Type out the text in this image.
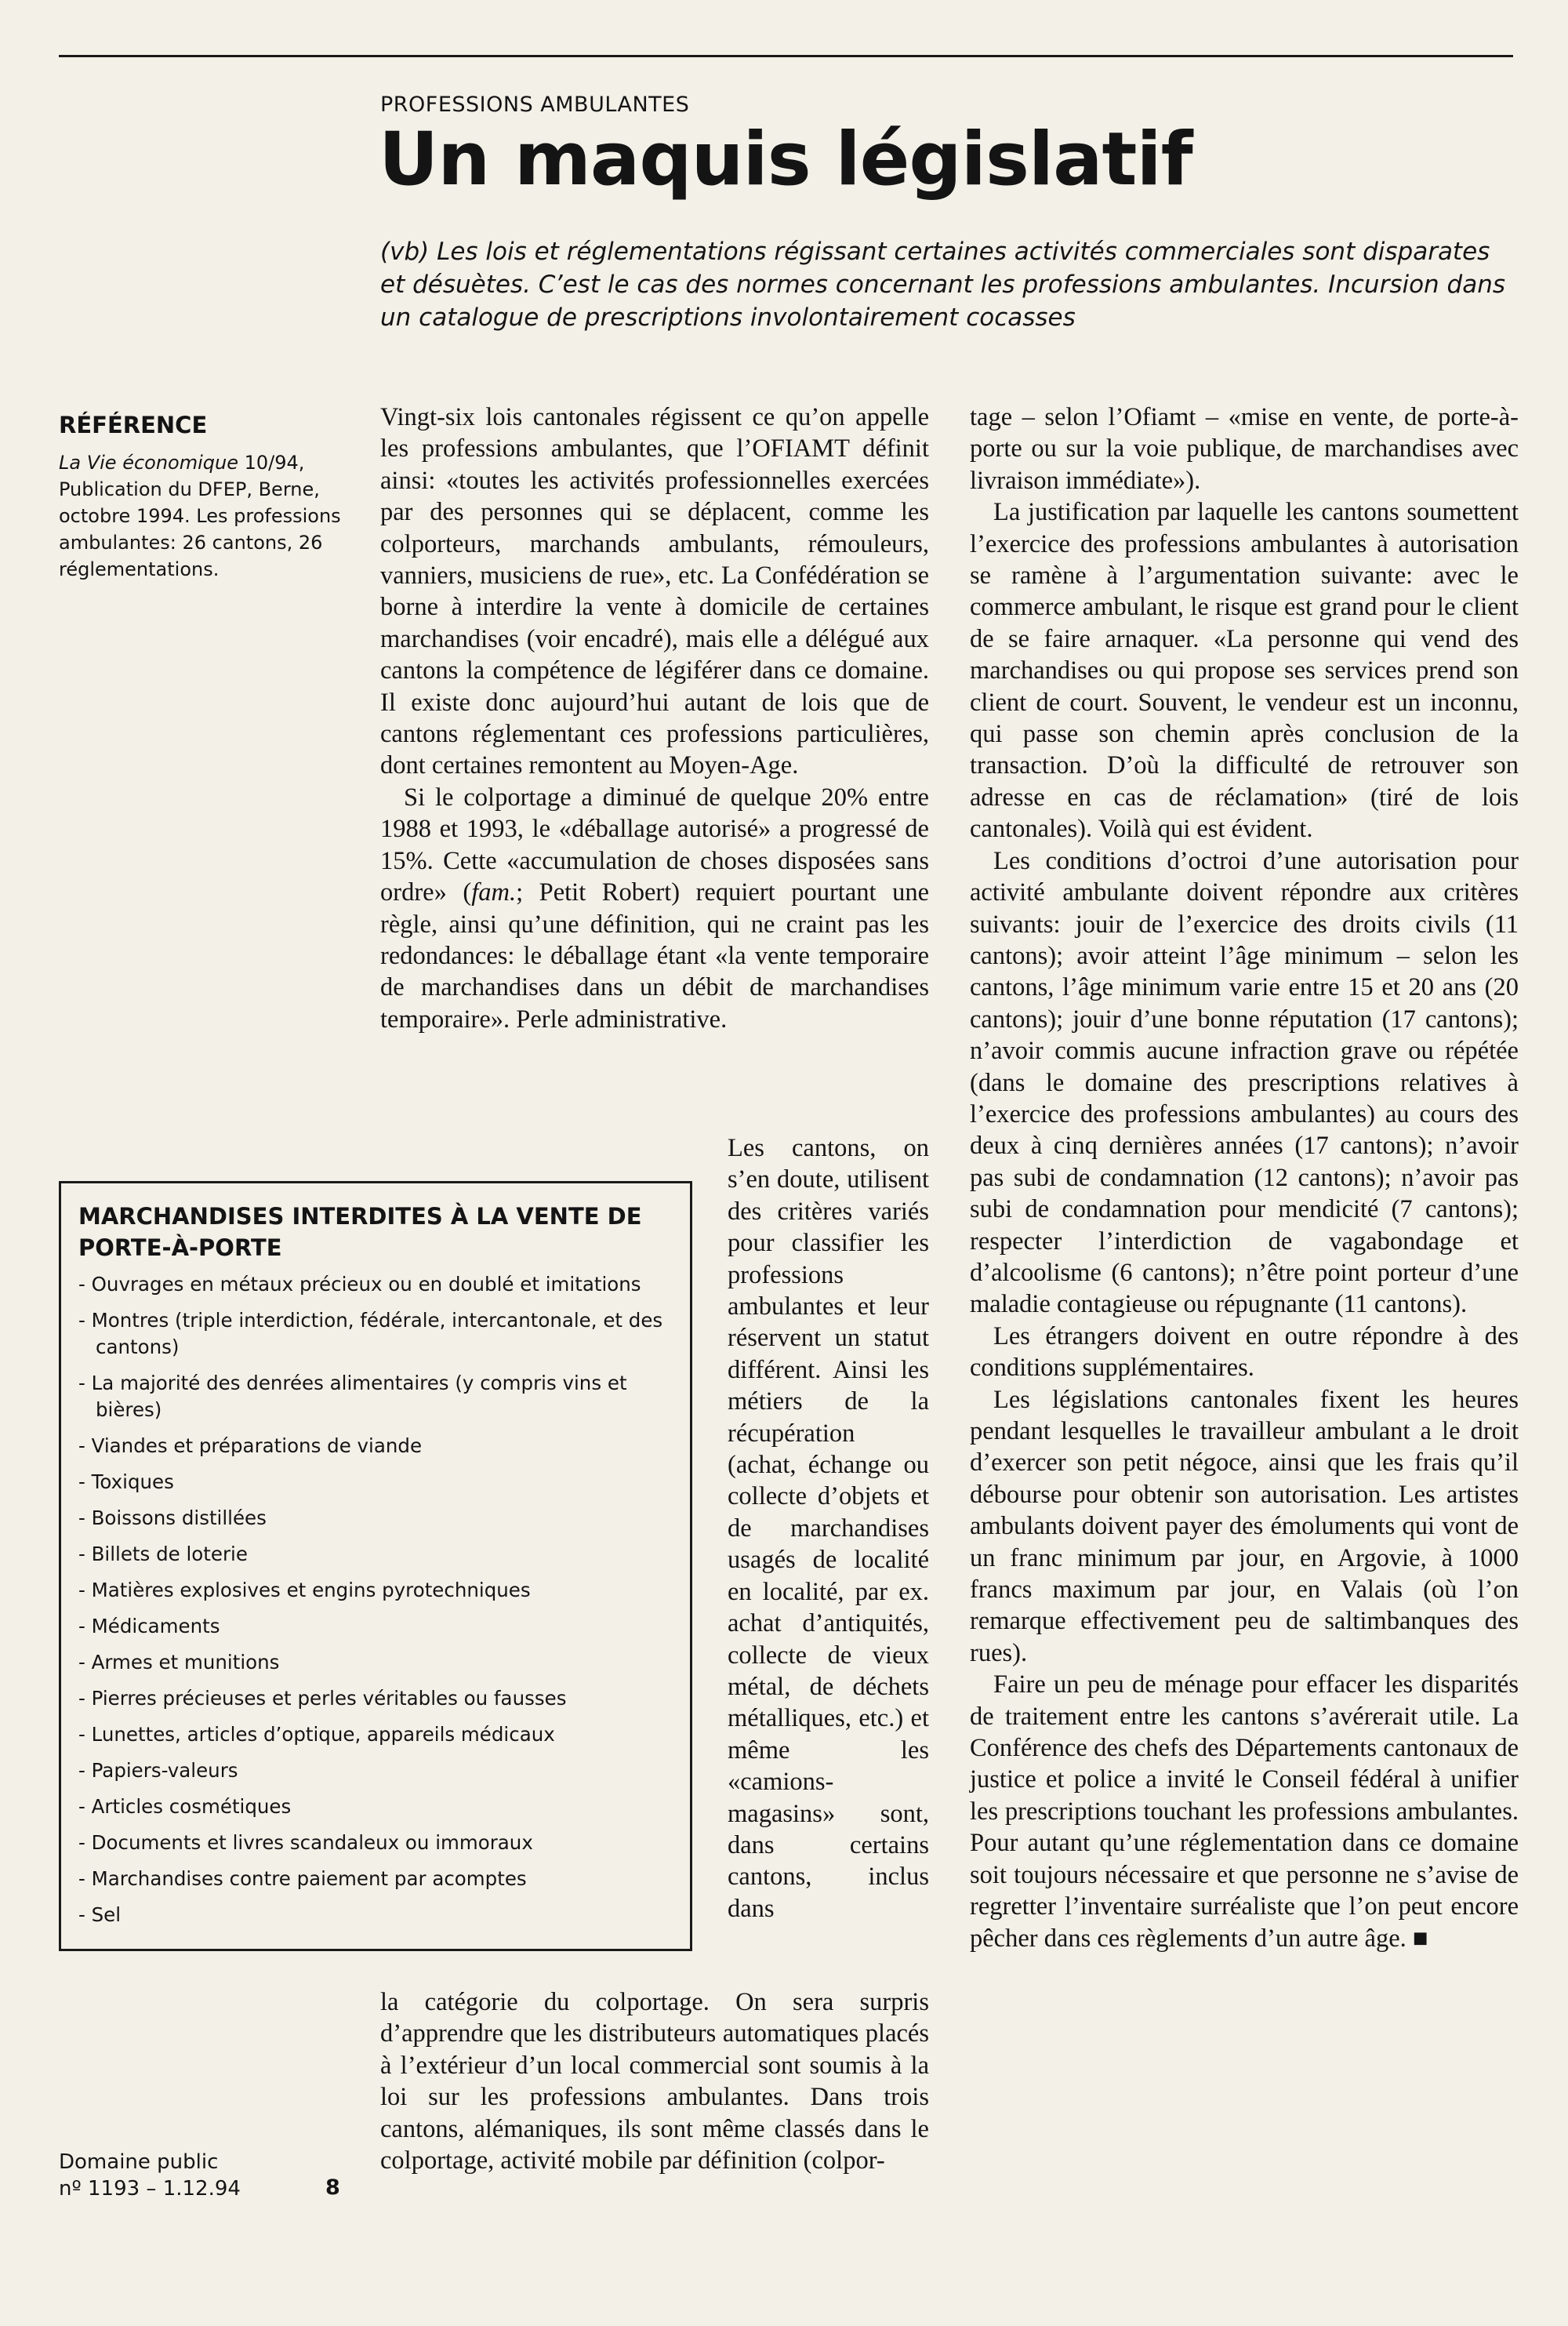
PROFESSIONS AMBULANTES
Un maquis législatif

(vb) Les lois et réglementations régissant certaines activités commerciales sont disparates et désuètes. C’est le cas des normes concernant les professions ambulantes. Incursion dans un catalogue de prescriptions involontairement cocasses

RÉFÉRENCE

La Vie économique 10/94, Publication du DFEP, Berne, octobre 1994. Les professions ambulantes: 26 cantons, 26 réglementations.

Vingt-six lois cantonales régissent ce qu’on appelle les professions ambulantes, que l’OFIAMT définit ainsi: «toutes les activités professionnelles exercées par des personnes qui se déplacent, comme les colporteurs, marchands ambulants, rémouleurs, vanniers, musiciens de rue», etc. La Confédération se borne à interdire la vente à domicile de certaines marchandises (voir encadré), mais elle a délégué aux cantons la compétence de légiférer dans ce domaine. Il existe donc aujourd’hui autant de lois que de cantons réglementant ces professions particulières, dont certaines remontent au Moyen-Age.

Si le colportage a diminué de quelque 20% entre 1988 et 1993, le «déballage autorisé» a progressé de 15%. Cette «accumulation de choses disposées sans ordre» (fam.; Petit Robert) requiert pourtant une règle, ainsi qu’une définition, qui ne craint pas les redondances: le déballage étant «la vente temporaire de marchandises dans un débit de marchandises temporaire». Perle administrative.

Les cantons, on s’en doute, utilisent des critères variés pour classifier les professions ambulantes et leur réservent un statut différent. Ainsi les métiers de la récupération (achat, échange ou collecte d’objets et de marchandises usagés de localité en localité, par ex. achat d’antiquités, collecte de vieux métal, de déchets métalliques, etc.) et même les «camions-magasins» sont, dans certains cantons, inclus dans

la catégorie du colportage. On sera surpris d’apprendre que les distributeurs automatiques placés à l’extérieur d’un local commercial sont soumis à la loi sur les professions ambulantes. Dans trois cantons, alémaniques, ils sont même classés dans le colportage, activité mobile par définition (colpor-

MARCHANDISES INTERDITES À LA VENTE DE PORTE-À-PORTE
- Ouvrages en métaux précieux ou en doublé et imitations
- Montres (triple interdiction, fédérale, intercantonale, et des cantons)
- La majorité des denrées alimentaires (y compris vins et bières)
- Viandes et préparations de viande
- Toxiques
- Boissons distillées
- Billets de loterie
- Matières explosives et engins pyrotechniques
- Médicaments
- Armes et munitions
- Pierres précieuses et perles véritables ou fausses
- Lunettes, articles d’optique, appareils médicaux
- Papiers-valeurs
- Articles cosmétiques
- Documents et livres scandaleux ou immoraux
- Marchandises contre paiement par acomptes
- Sel

tage – selon l’Ofiamt – «mise en vente, de porte-à-porte ou sur la voie publique, de marchandises avec livraison immédiate»).

La justification par laquelle les cantons soumettent l’exercice des professions ambulantes à autorisation se ramène à l’argumentation suivante: avec le commerce ambulant, le risque est grand pour le client de se faire arnaquer. «La personne qui vend des marchandises ou qui propose ses services prend son client de court. Souvent, le vendeur est un inconnu, qui passe son chemin après conclusion de la transaction. D’où la difficulté de retrouver son adresse en cas de réclamation» (tiré de lois cantonales). Voilà qui est évident.

Les conditions d’octroi d’une autorisation pour activité ambulante doivent répondre aux critères suivants: jouir de l’exercice des droits civils (11 cantons); avoir atteint l’âge minimum – selon les cantons, l’âge minimum varie entre 15 et 20 ans (20 cantons); jouir d’une bonne réputation (17 cantons); n’avoir commis aucune infraction grave ou répétée (dans le domaine des prescriptions relatives à l’exercice des professions ambulantes) au cours des deux à cinq dernières années (17 cantons); n’avoir pas subi de condamnation (12 cantons); n’avoir pas subi de condamnation pour mendicité (7 cantons); respecter l’interdiction de vagabondage et d’alcoolisme (6 cantons); n’être point porteur d’une maladie contagieuse ou répugnante (11 cantons).

Les étrangers doivent en outre répondre à des conditions supplémentaires.

Les législations cantonales fixent les heures pendant lesquelles le travailleur ambulant a le droit d’exercer son petit négoce, ainsi que les frais qu’il débourse pour obtenir son autorisation. Les artistes ambulants doivent payer des émoluments qui vont de un franc minimum par jour, en Argovie, à 1000 francs maximum par jour, en Valais (où l’on remarque effectivement peu de saltimbanques des rues).

Faire un peu de ménage pour effacer les disparités de traitement entre les cantons s’avérerait utile. La Conférence des chefs des Départements cantonaux de justice et police a invité le Conseil fédéral à unifier les prescriptions touchant les professions ambulantes. Pour autant qu’une réglementation dans ce domaine soit toujours nécessaire et que personne ne s’avise de regretter l’inventaire surréaliste que l’on peut encore pêcher dans ces règlements d’un autre âge. ■

Domaine public
nº 1193 – 1.12.94	8
